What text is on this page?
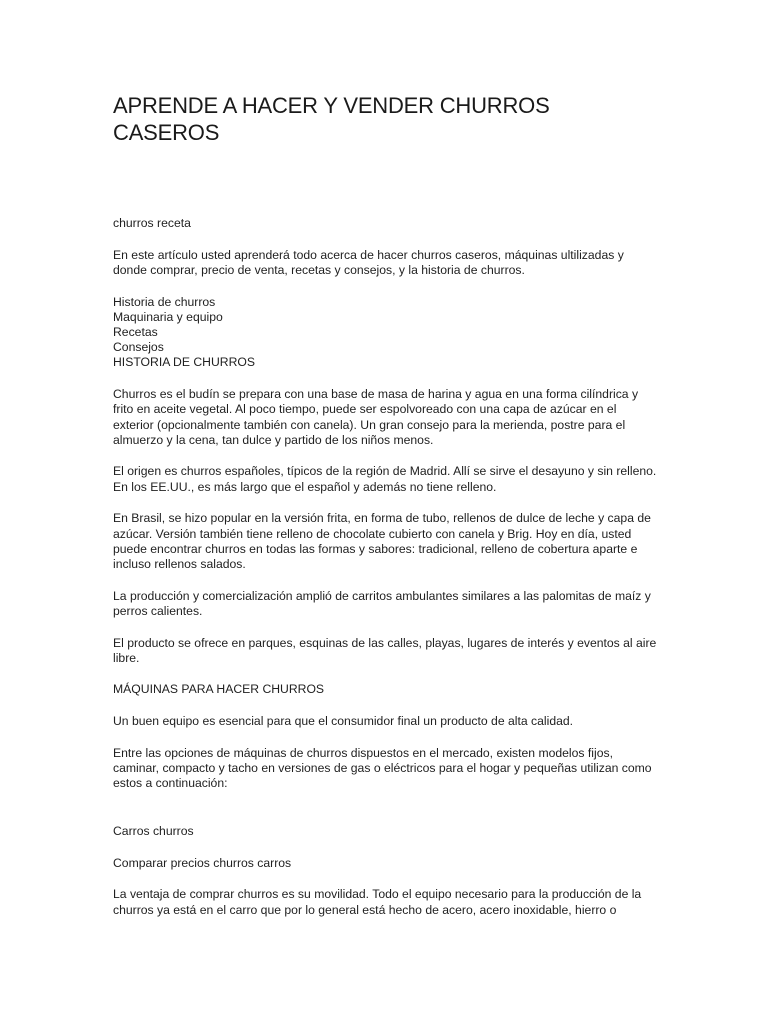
APRENDE A HACER Y VENDER CHURROS CASEROS

churros receta

En este artículo usted aprenderá todo acerca de hacer churros caseros, máquinas ultilizadas y donde comprar, precio de venta, recetas y consejos, y la historia de churros.

Historia de churros
Maquinaria y equipo
Recetas
Consejos
HISTORIA DE CHURROS

Churros es el budín se prepara con una base de masa de harina y agua en una forma cilíndrica y frito en aceite vegetal. Al poco tiempo, puede ser espolvoreado con una capa de azúcar en el exterior (opcionalmente también con canela). Un gran consejo para la merienda, postre para el almuerzo y la cena, tan dulce y partido de los niños menos.

El origen es churros españoles, típicos de la región de Madrid. Allí se sirve el desayuno y sin relleno. En los EE.UU., es más largo que el español y además no tiene relleno.

En Brasil, se hizo popular en la versión frita, en forma de tubo, rellenos de dulce de leche y capa de azúcar. Versión también tiene relleno de chocolate cubierto con canela y Brig. Hoy en día, usted puede encontrar churros en todas las formas y sabores: tradicional, relleno de cobertura aparte e incluso rellenos salados.

La producción y comercialización amplió de carritos ambulantes similares a las palomitas de maíz y perros calientes.

El producto se ofrece en parques, esquinas de las calles, playas, lugares de interés y eventos al aire libre.

MÁQUINAS PARA HACER CHURROS

Un buen equipo es esencial para que el consumidor final un producto de alta calidad.

Entre las opciones de máquinas de churros dispuestos en el mercado, existen modelos fijos, caminar, compacto y tacho en versiones de gas o eléctricos para el hogar y pequeñas utilizan como estos a continuación:

Carros churros

Comparar precios churros carros

La ventaja de comprar churros es su movilidad. Todo el equipo necesario para la producción de la churros ya está en el carro que por lo general está hecho de acero, acero inoxidable, hierro o
